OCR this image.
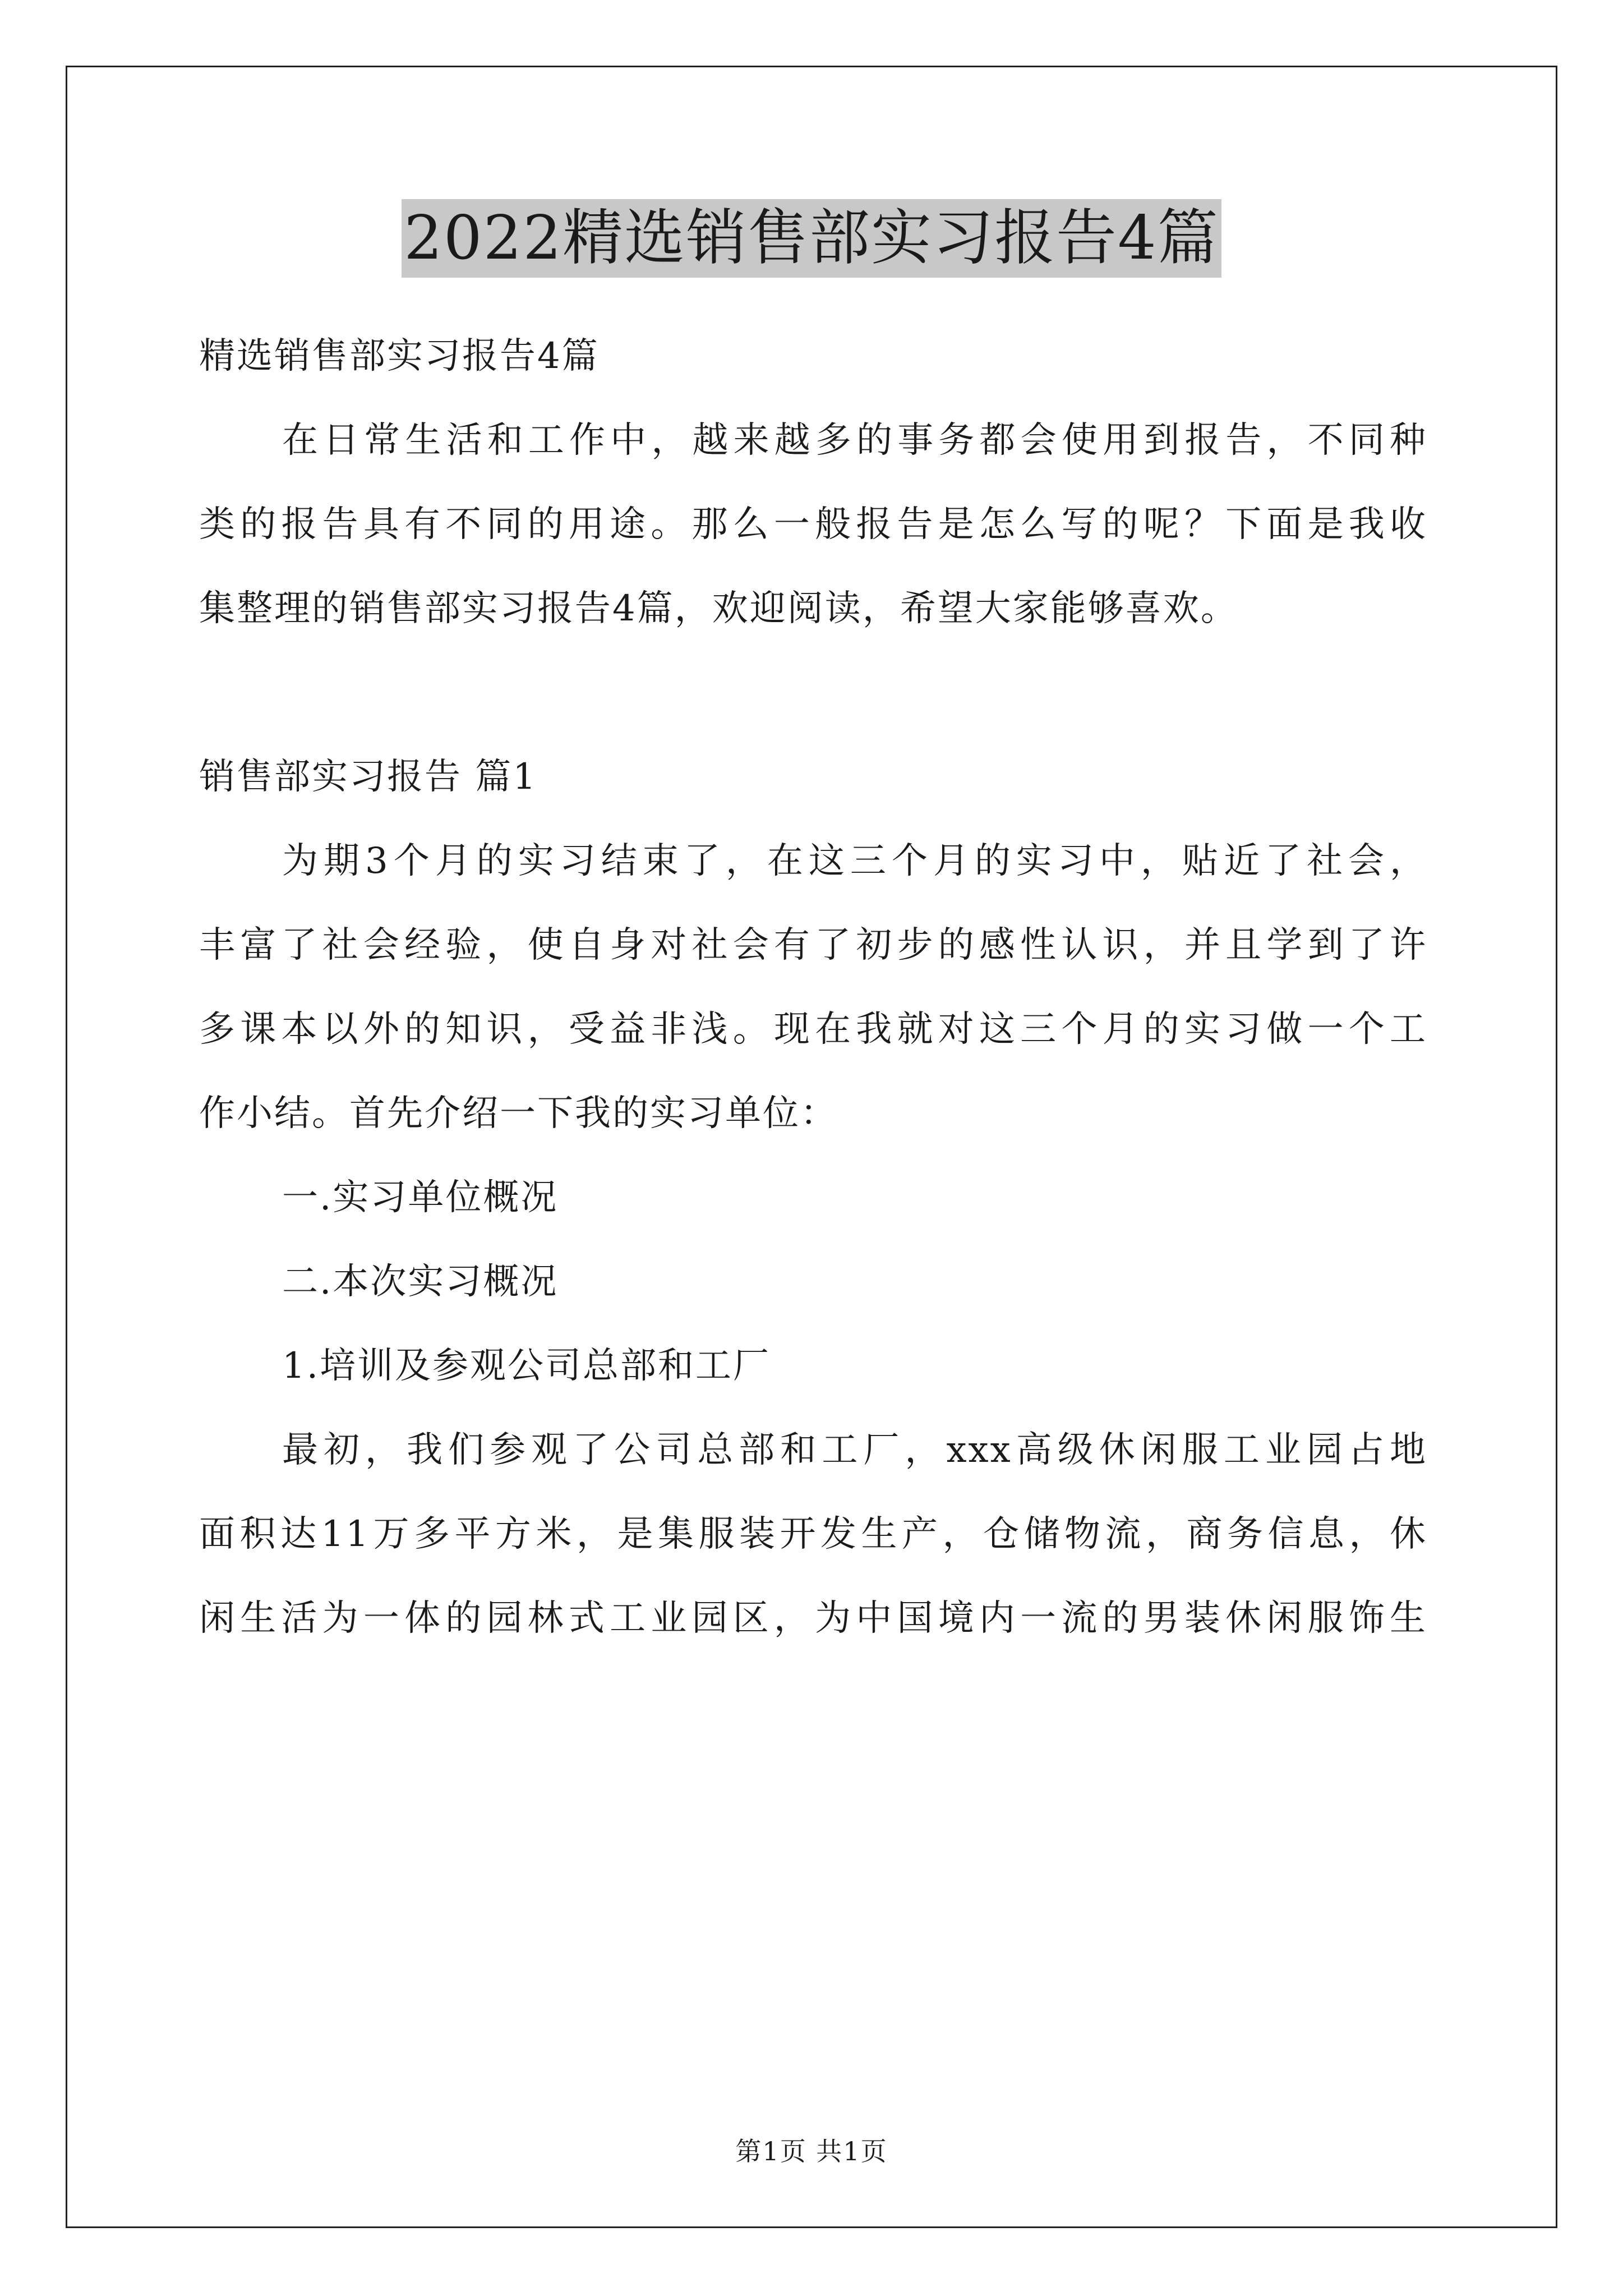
2022精选销售部实习报告4篇
精选销售部实习报告4篇
在日常生活和工作中，越来越多的事务都会使用到报告，不同种
类的报告具有不同的用途。那么一般报告是怎么写的呢？下面是我收
集整理的销售部实习报告4篇，欢迎阅读，希望大家能够喜欢。
销售部实习报告 篇1
为期3个月的实习结束了，在这三个月的实习中，贴近了社会，
丰富了社会经验，使自身对社会有了初步的感性认识，并且学到了许
多课本以外的知识，受益非浅。现在我就对这三个月的实习做一个工
作小结。首先介绍一下我的实习单位：
一.实习单位概况
二.本次实习概况
1.培训及参观公司总部和工厂
最初，我们参观了公司总部和工厂，xxx高级休闲服工业园占地
面积达11万多平方米，是集服装开发生产，仓储物流，商务信息，休
闲生活为一体的园林式工业园区，为中国境内一流的男装休闲服饰生
第1页 共1页
